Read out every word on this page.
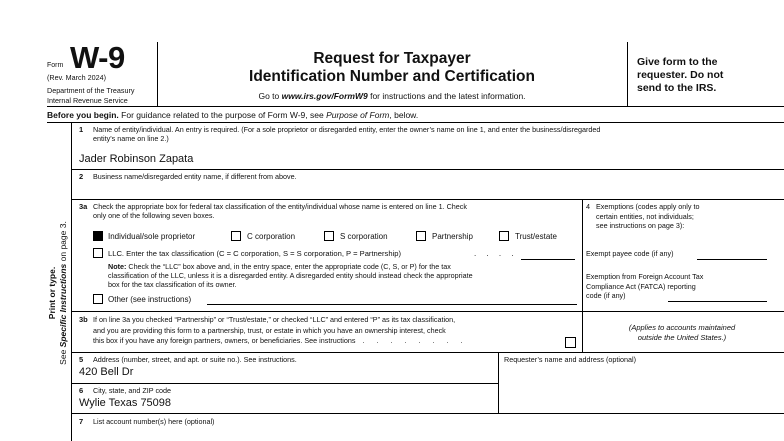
Form W-9
(Rev. March 2024)
Department of the Treasury
Internal Revenue Service
Request for Taxpayer
Identification Number and Certification
Go to www.irs.gov/FormW9 for instructions and the latest information.
Give form to the
requester. Do not
send to the IRS.
Before you begin. For guidance related to the purpose of Form W-9, see Purpose of Form, below.
Print or type.
See Specific Instructions on page 3.
1 Name of entity/individual. An entry is required. (For a sole proprietor or disregarded entity, enter the owner’s name on line 1, and enter the business/disregarded
entity’s name on line 2.)
Jader Robinson Zapata
2 Business name/disregarded entity name, if different from above.
3a Check the appropriate box for federal tax classification of the entity/individual whose name is entered on line 1. Check
only one of the following seven boxes.
Individual/sole proprietor	C corporation	S corporation	Partnership	Trust/estate
LLC. Enter the tax classification (C = C corporation, S = S corporation, P = Partnership)	. . . .
Note: Check the “LLC” box above and, in the entry space, enter the appropriate code (C, S, or P) for the tax
classification of the LLC, unless it is a disregarded entity. A disregarded entity should instead check the appropriate
box for the tax classification of its owner.
Other (see instructions)
3b If on line 3a you checked “Partnership” or “Trust/estate,” or checked “LLC” and entered “P” as its tax classification,
and you are providing this form to a partnership, trust, or estate in which you have an ownership interest, check
this box if you have any foreign partners, owners, or beneficiaries. See instructions . . . . . . . .
4 Exemptions (codes apply only to
certain entities, not individuals;
see instructions on page 3):
Exempt payee code (if any)
Exemption from Foreign Account Tax
Compliance Act (FATCA) reporting
code (if any)
(Applies to accounts maintained
outside the United States.)
5 Address (number, street, and apt. or suite no.). See instructions.
420 Bell Dr
Requester’s name and address (optional)
6 City, state, and ZIP code
Wylie Texas 75098
7 List account number(s) here (optional)
